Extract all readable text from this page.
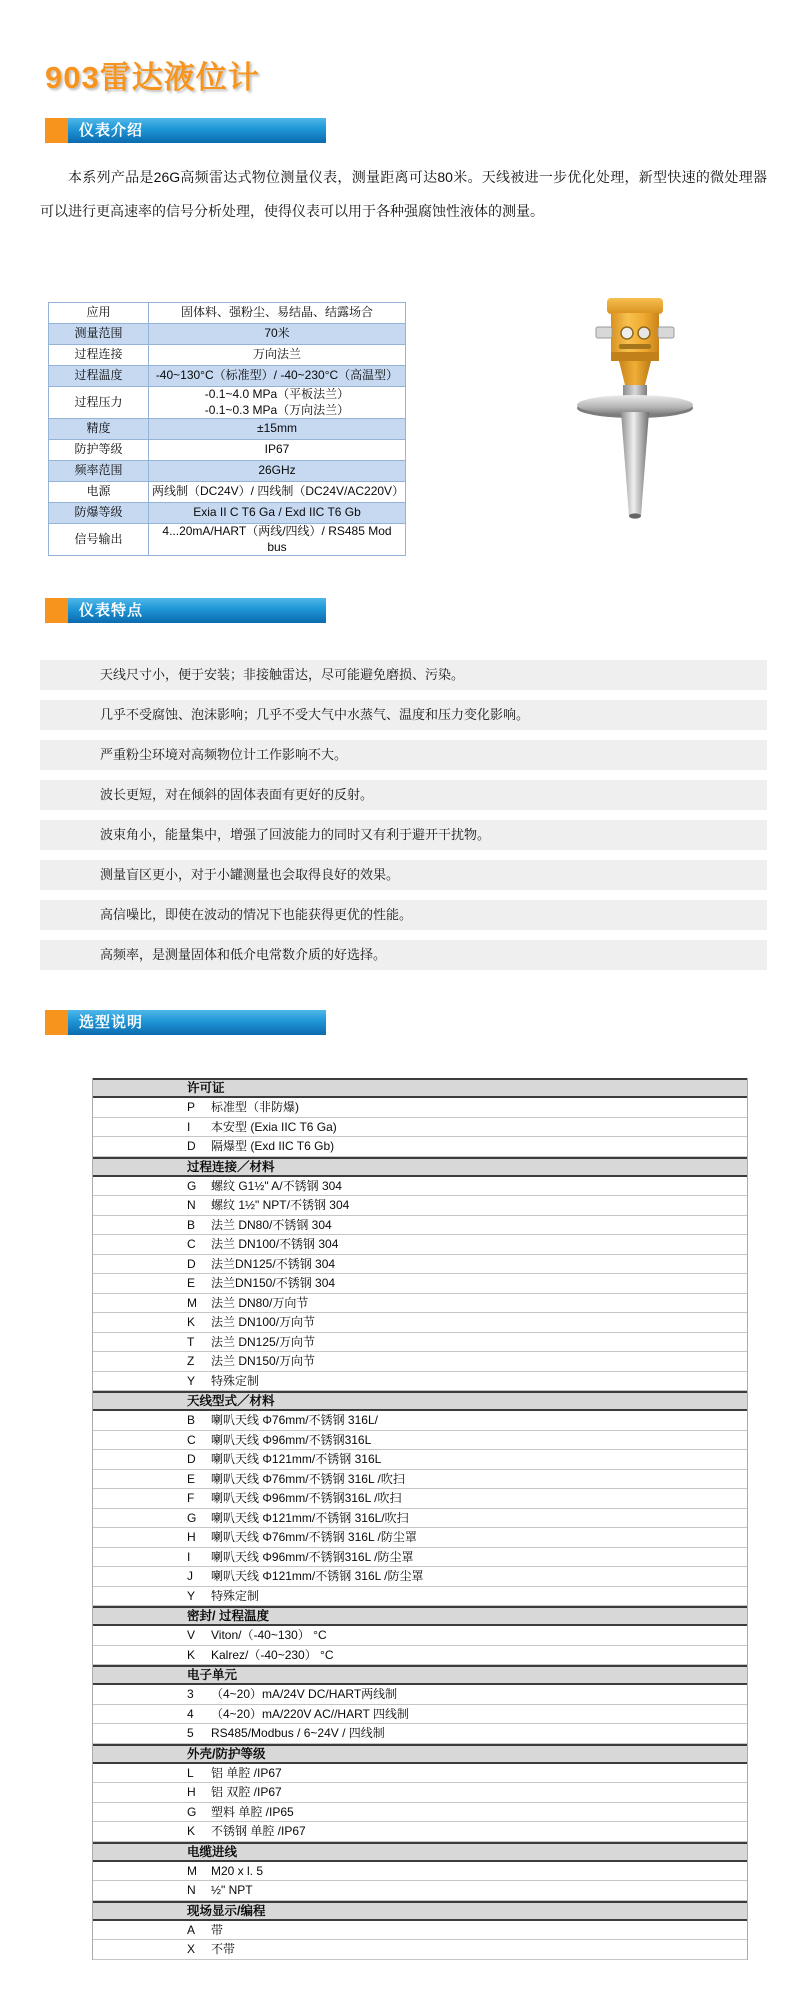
903雷达液位计
仪表介绍

本系列产品是26G高频雷达式物位测量仪表，测量距离可达80米。天线被进一步优化处理，新型快速的微处理器可以进行更高速率的信号分析处理，使得仪表可以用于各种强腐蚀性液体的测量。

应用	固体料、强粉尘、易结晶、结露场合
测量范围	70米
过程连接	万向法兰
过程温度	-40~130°C（标准型）/ -40~230°C（高温型）
过程压力	-0.1~4.0 MPa（平板法兰）
-0.1~0.3 MPa（万向法兰）

精度	±15mm
防护等级	IP67
频率范围	26GHz
电源	两线制（DC24V）/ 四线制（DC24V/AC220V）
防爆等级	Exia II C T6 Ga / Exd IIC T6 Gb
信号输出	4...20mA/HART（两线/四线）/ RS485 Mod bus
仪表特点
天线尺寸小，便于安装；非接触雷达，尽可能避免磨损、污染。
几乎不受腐蚀、泡沫影响；几乎不受大气中水蒸气、温度和压力变化影响。
严重粉尘环境对高频物位计工作影响不大。
波长更短，对在倾斜的固体表面有更好的反射。
波束角小，能量集中，增强了回波能力的同时又有利于避开干扰物。
测量盲区更小，对于小罐测量也会取得良好的效果。
高信噪比，即使在波动的情况下也能获得更优的性能。
高频率，是测量固体和低介电常数介质的好选择。
选型说明
许可证
P 标准型（非防爆)
I 本安型 (Exia IIC T6 Ga)
D 隔爆型 (Exd IIC T6 Gb)
过程连接／材料
G 螺纹 G1½" A/不锈钢 304
N 螺纹 1½" NPT/不锈钢 304
B 法兰 DN80/不锈钢 304
C 法兰 DN100/不锈钢 304
D 法兰DN125/不锈钢 304
E 法兰DN150/不锈钢 304
M 法兰 DN80/万向节
K 法兰 DN100/万向节
T 法兰 DN125/万向节
Z 法兰 DN150/万向节
Y 特殊定制
天线型式／材料
B 喇叭天线 Φ76mm/不锈钢 316L/
C 喇叭天线 Φ96mm/不锈钢316L
D 喇叭天线 Φ121mm/不锈钢 316L
E 喇叭天线 Φ76mm/不锈钢 316L /吹扫
F 喇叭天线 Φ96mm/不锈钢316L /吹扫
G 喇叭天线 Φ121mm/不锈钢 316L/吹扫
H 喇叭天线 Φ76mm/不锈钢 316L /防尘罩
I 喇叭天线 Φ96mm/不锈钢316L /防尘罩
J 喇叭天线 Φ121mm/不锈钢 316L /防尘罩
Y 特殊定制
密封/ 过程温度
V Viton/（-40~130） °C
K Kalrez/（-40~230） °C
电子单元
3 （4~20）mA/24V DC/HART两线制
4 （4~20）mA/220V AC//HART 四线制
5 RS485/Modbus / 6~24V / 四线制
外壳/防护等级
L 铝 单腔 /IP67
H 铝 双腔 /IP67
G 塑料 单腔 /IP65
K 不锈钢 单腔 /IP67
电缆进线
M M20 x l. 5
N ½" NPT
现场显示/编程
A 带
X 不带
